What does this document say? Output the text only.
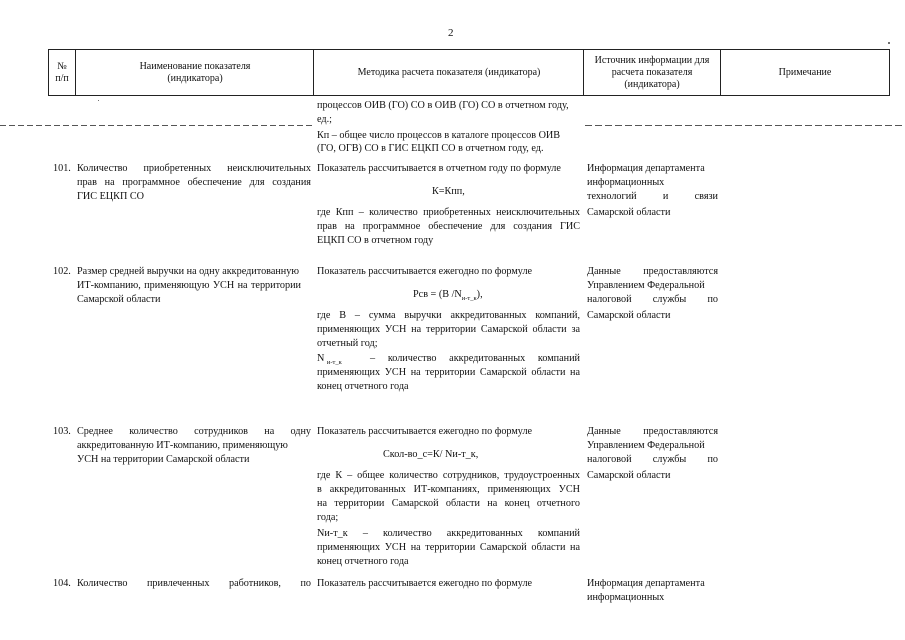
2
№ п/п
Наименование показателя (индикатора)
Методика расчета показателя (индикатора)
Источник информации для расчета показателя (индикатора)
Примечание
процессов ОИВ (ГО) СО в ОИВ (ГО) СО в отчетном году,
ед.;
Кп – общее число процессов в каталоге процессов ОИВ
(ГО, ОГВ) СО в ГИС ЕЦКП СО в отчетном году, ед.
101. Количество приобретенных неисключительных
прав на программное обеспечение для создания
ГИС ЕЦКП СО
Показатель рассчитывается в отчетном году по формуле
К=Кпп,
где Кпп – количество приобретенных неисключительных
прав на программное обеспечение для создания ГИС
ЕЦКП СО в отчетном году
Информация департамента
информационных
технологий и связи
Самарской области
102. Размер средней выручки на одну аккредитованную
ИТ-компанию, применяющую УСН на территории
Самарской области
Показатель рассчитывается ежегодно по формуле
Рсв = (В $/N_{и-т\_к}$),
где В – сумма выручки аккредитованных компаний,
применяющих УСН на территории Самарской области за
отчетный год;
N $_{и-т\_к}$	– количество аккредитованных компаний
применяющих УСН на территории Самарской области на
конец отчетного года
Данные предоставляются
Управлением Федеральной
налоговой службы по
Самарской области
103. Среднее количество сотрудников на одну
аккредитованную ИТ-компанию, применяющую
УСН на территории Самарской области
Показатель рассчитывается ежегодно по формуле
Скол-во_с=К/ Nи-т_к,
где К – общее количество сотрудников, трудоустроенных
в аккредитованных ИТ-компаниях, применяющих УСН
на территории Самарской области на конец отчетного
года;
Nи-т_к – количество аккредитованных компаний
применяющих УСН на территории Самарской области на
конец отчетного года
Данные предоставляются
Управлением Федеральной
налоговой службы по
Самарской области
104. Количество привлеченных работников, по Показатель рассчитывается ежегодно по формуле	Информация департамента
информационных
